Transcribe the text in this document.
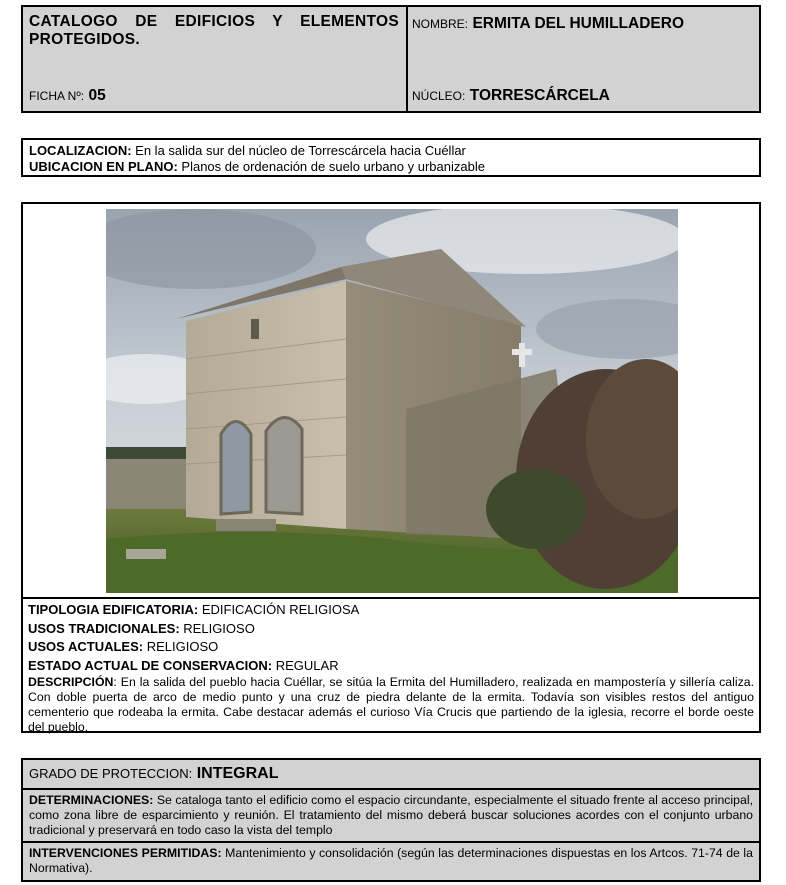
CATALOGO DE EDIFICIOS Y ELEMENTOS PROTEGIDOS.
FICHA Nº: 05
NOMBRE: ERMITA DEL HUMILLADERO
NÚCLEO: TORRESCÁRCELA
LOCALIZACION: En la salida sur del núcleo de Torrescárcela hacia Cuéllar
UBICACION EN PLANO: Planos de ordenación de suelo urbano y urbanizable
TIPOLOGIA EDIFICATORIA: EDIFICACIÓN RELIGIOSA
USOS TRADICIONALES: RELIGIOSO
USOS ACTUALES: RELIGIOSO
ESTADO ACTUAL DE CONSERVACION: REGULAR
DESCRIPCIÓN: En la salida del pueblo hacia Cuéllar, se sitúa la Ermita del Humilladero, realizada en mampostería y sillería caliza. Con doble puerta de arco de medio punto y una cruz de piedra delante de la ermita. Todavía son visibles restos del antiguo cementerio que rodeaba la ermita. Cabe destacar además el curioso Vía Crucis que partiendo de la iglesia, recorre el borde oeste del pueblo.
GRADO DE PROTECCION: INTEGRAL
DETERMINACIONES: Se cataloga tanto el edificio como el espacio circundante, especialmente el situado frente al acceso principal, como zona libre de esparcimiento y reunión. El tratamiento del mismo deberá buscar soluciones acordes con el conjunto urbano tradicional y preservará en todo caso la vista del templo
INTERVENCIONES PERMITIDAS: Mantenimiento y consolidación (según las determinaciones dispuestas en los Artcos. 71-74 de la Normativa).
